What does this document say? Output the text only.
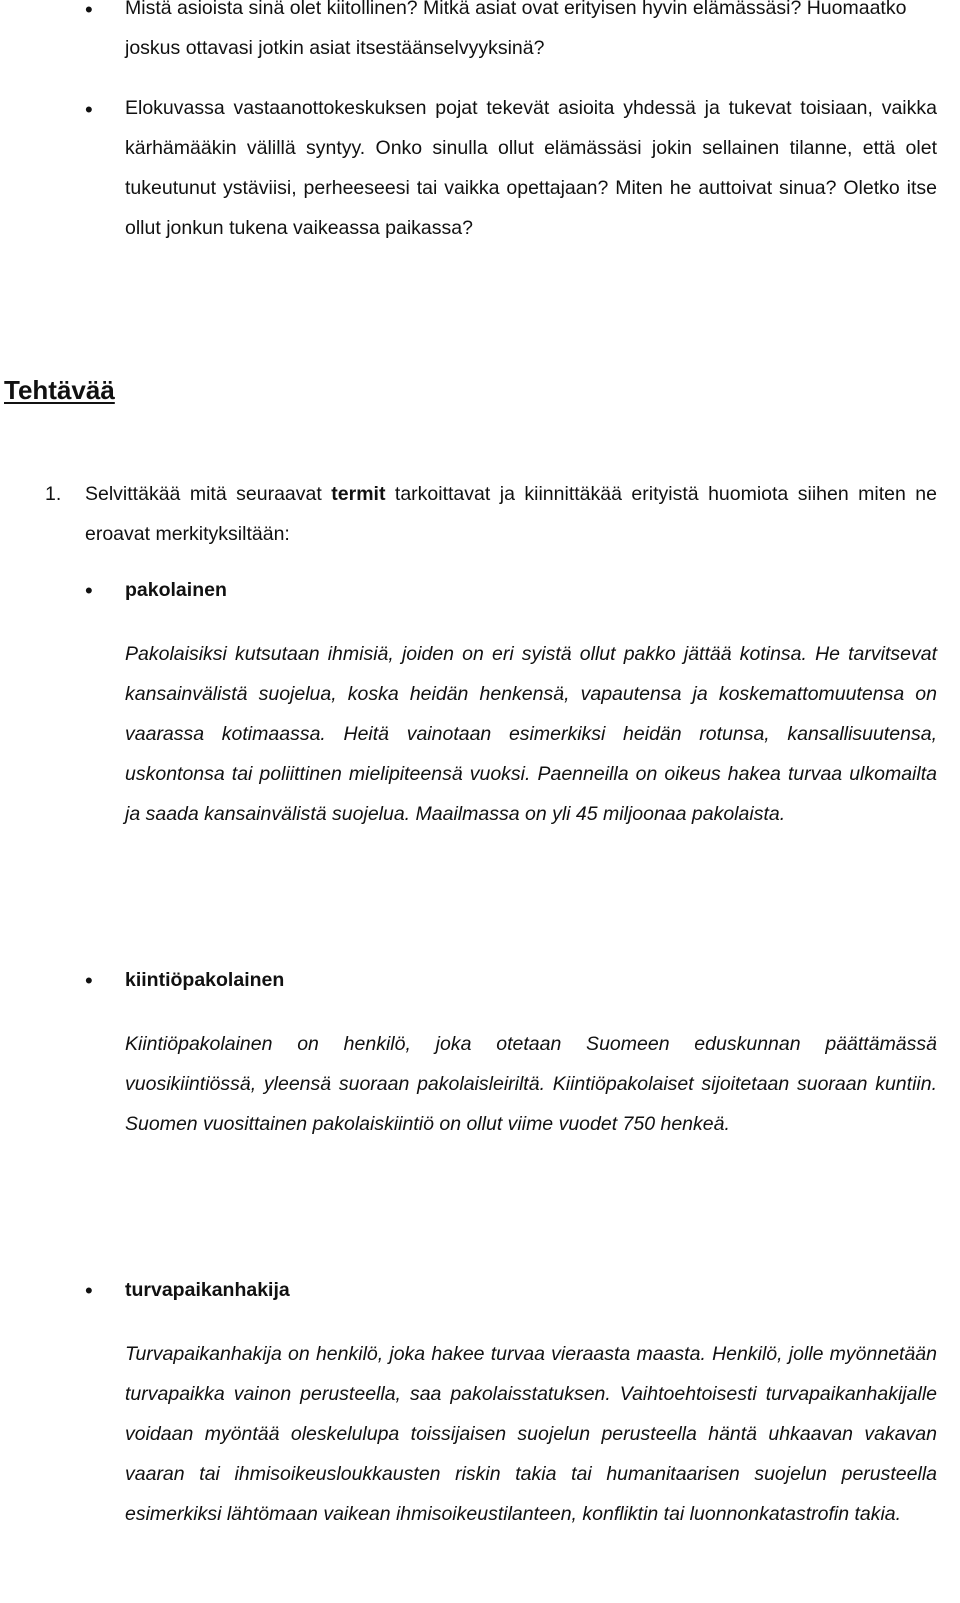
• Mistä asioista sinä olet kiitollinen? Mitkä asiat ovat erityisen hyvin elämässäsi? Huomaatko joskus ottavasi jotkin asiat itsestäänselvyyksinä?
• Elokuvassa vastaanottokeskuksen pojat tekevät asioita yhdessä ja tukevat toisiaan, vaikka kärhämääkin välillä syntyy. Onko sinulla ollut elämässäsi jokin sellainen tilanne, että olet tukeutunut ystäviisi, perheeseesi tai vaikka opettajaan? Miten he auttoivat sinua? Oletko itse ollut jonkun tukena vaikeassa paikassa?
Tehtävää
1. Selvittäkää mitä seuraavat termit tarkoittavat ja kiinnittäkää erityistä huomiota siihen miten ne eroavat merkityksiltään:
• pakolainen
Pakolaisiksi kutsutaan ihmisiä, joiden on eri syistä ollut pakko jättää kotinsa. He tarvitsevat kansainvälistä suojelua, koska heidän henkensä, vapautensa ja koskemattomuutensa on vaarassa kotimaassa. Heitä vainotaan esimerkiksi heidän rotunsa, kansallisuutensa, uskontonsa tai poliittinen mielipiteensä vuoksi. Paenneilla on oikeus hakea turvaa ulkomailta ja saada kansainvälistä suojelua. Maailmassa on yli 45 miljoonaa pakolaista.
• kiintiöpakolainen
Kiintiöpakolainen on henkilö, joka otetaan Suomeen eduskunnan päättämässä vuosikiintiössä, yleensä suoraan pakolaisleiriltä. Kiintiöpakolaiset sijoitetaan suoraan kuntiin. Suomen vuosittainen pakolaiskiintiö on ollut viime vuodet 750 henkeä.
• turvapaikanhakija
Turvapaikanhakija on henkilö, joka hakee turvaa vieraasta maasta. Henkilö, jolle myönnetään turvapaikka vainon perusteella, saa pakolaisstatuksen. Vaihtoehtoisesti turvapaikanhakijalle voidaan myöntää oleskelulupa toissijaisen suojelun perusteella häntä uhkaavan vakavan vaaran tai ihmisoikeusloukkausten riskin takia tai humanitaarisen suojelun perusteella esimerkiksi lähtömaan vaikean ihmisoikeustilanteen, konfliktin tai luonnonkatastrofin takia.
